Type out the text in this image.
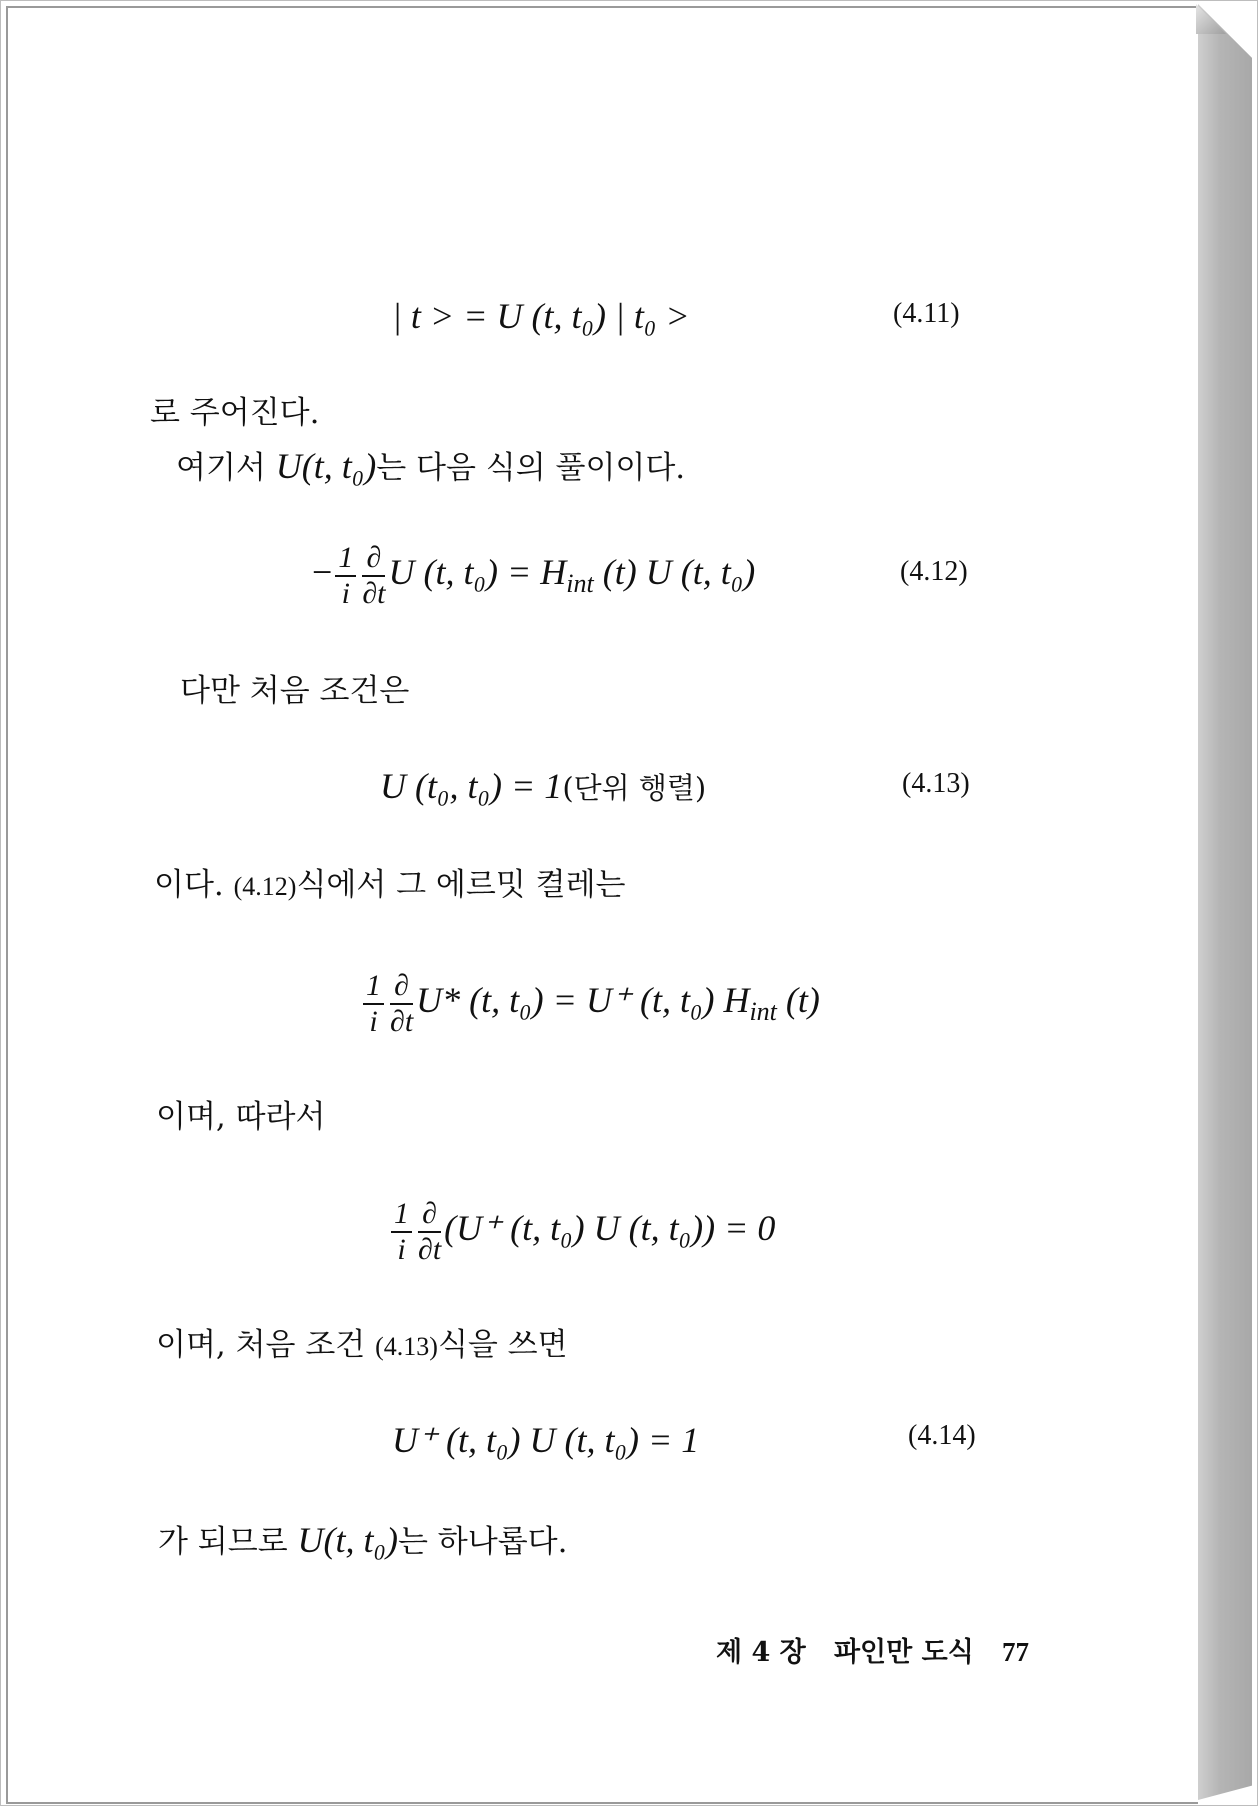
| t > = U (t, t₀) | t₀ >	(4.11)
로 주어진다.
여기서 U(t, t₀)는 다음 식의 풀이이다.
− $\frac{1}{i} \frac{\partial}{\partial t}$ U (t, $t_0) = H_{int}$ (t) U (t, t₀)	(4.12)
다만 처음 조건은
U (t₀, t₀) = 1(단위 행렬)	(4.13)
이다. (4.12)식에서 그 에르밋 켤레는
$\frac{1}{i} \frac{\partial}{\partial t} U*$ (t, t₀) = U⁺ (t, t₀) $H_{int}$ (t)
이며, 따라서
$\frac{1}{i} \frac{\partial}{\partial t} (U^+$ (t, t₀) U (t, t₀)) = 0
이며, 처음 조건 (4.13)식을 쓰면
U⁺ (t, t₀) U (t, t₀) = 1	(4.14)
가 되므로 U(t, t₀)는 하나롭다.
제 4 장 파인만 도식 77
